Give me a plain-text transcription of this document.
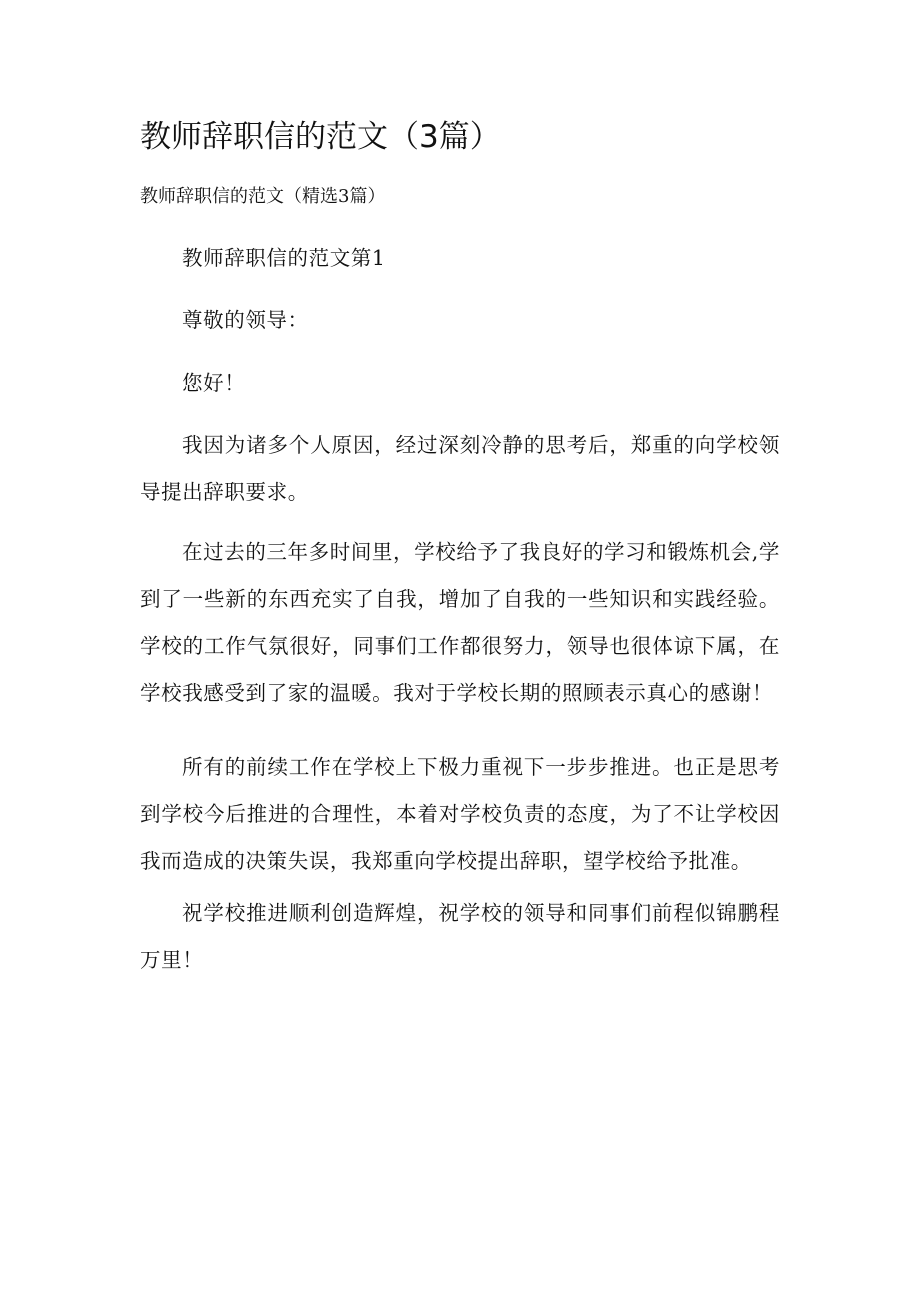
教师辞职信的范文（3篇）
教师辞职信的范文（精选3篇）

教师辞职信的范文第1

尊敬的领导：

您好！

我因为诸多个人原因，经过深刻冷静的思考后，郑重的向学校领导提出辞职要求。

在过去的三年多时间里，学校给予了我良好的学习和锻炼机会,学到了一些新的东西充实了自我，增加了自我的一些知识和实践经验。学校的工作气氛很好，同事们工作都很努力，领导也很体谅下属，在学校我感受到了家的温暖。我对于学校长期的照顾表示真心的感谢！

所有的前续工作在学校上下极力重视下一步步推进。也正是思考到学校今后推进的合理性，本着对学校负责的态度，为了不让学校因我而造成的决策失误，我郑重向学校提出辞职，望学校给予批准。

祝学校推进顺利创造辉煌，祝学校的领导和同事们前程似锦鹏程万里！
